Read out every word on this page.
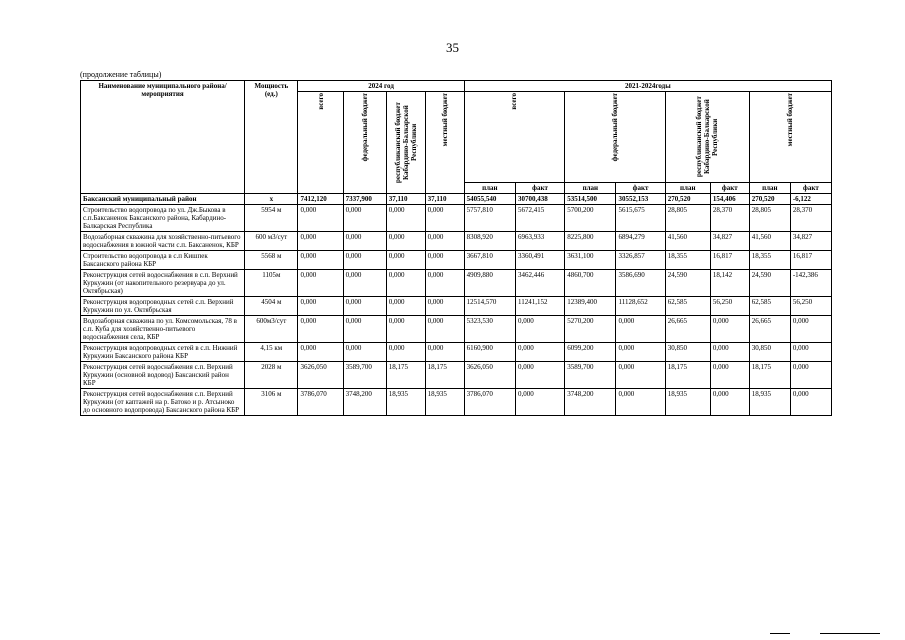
35
(продолжение таблицы)
Наименование муниципального района/мероприятия	Мощность (ед.)	2024 год				2021-2024годы							

		всего	федеральный бюджет	республиканский бюджет Кабардино-Балкарской Республики	местный бюджет	всего		федеральный бюджет		республиканский бюджет Кабардино-Балкарской Республики		местный бюджет	

						план	факт	план	факт	план	факт	план	факт
Баксанский муниципальный район	х	7412,120	7337,900	37,110	37,110	54055,540	30700,438	53514,500	30552,153	270,520	154,406	270,520	-6,122
Строительство водопровода по ул. Дж.Быкова в с.п.Баксаненок Баксанского района, Кабардино-Балкарская Республика	5954 м	0,000	0,000	0,000	0,000	5757,810	5672,415	5700,200	5615,675	28,805	28,370	28,805	28,370
Водозаборная скважина для хозяйственно-питьевого водоснабжения в южной части с.п. Баксаненок, КБР	600 м3/сут	0,000	0,000	0,000	0,000	8308,920	6963,933	8225,800	6894,279	41,560	34,827	41,560	34,827
Строительство водопровода в с.п Кишпек Баксанского района КБР	5568 м	0,000	0,000	0,000	0,000	3667,810	3360,491	3631,100	3326,857	18,355	16,817	18,355	16,817
Реконструкция сетей водоснабжения в с.п. Верхний Куркужин (от накопительного резервуара до ул. Октябрьская)	1105м	0,000	0,000	0,000	0,000	4909,880	3462,446	4860,700	3586,690	24,590	18,142	24,590	-142,386
Реконструкция водопроводных сетей с.п. Верхний Куркужин по ул. Октябрьская	4504 м	0,000	0,000	0,000	0,000	12514,570	11241,152	12389,400	11128,652	62,585	56,250	62,585	56,250
Водозаборная скважина по ул. Комсомольская, 78 в с.п. Куба для хозяйственно-питьевого водоснабжения села, КБР	600м3/сут	0,000	0,000	0,000	0,000	5323,530	0,000	5270,200	0,000	26,665	0,000	26,665	0,000
Реконструкция водопроводных сетей в с.п. Нижний Куркужин Баксанского района КБР	4,15 км	0,000	0,000	0,000	0,000	6160,900	0,000	6099,200	0,000	30,850	0,000	30,850	0,000
Реконструкция сетей водоснабжения с.п. Верхний Куркужин (основной водовод) Баксанский район КБР	2028 м	3626,050	3589,700	18,175	18,175	3626,050	0,000	3589,700	0,000	18,175	0,000	18,175	0,000
Реконструкция сетей водоснабжения с.п. Верхний Куркужин (от каптажей на р. Батоко и р. Атсыноко до основного водопровода) Баксанского района КБР	3106 м	3786,070	3748,200	18,935	18,935	3786,070	0,000	3748,200	0,000	18,935	0,000	18,935	0,000
